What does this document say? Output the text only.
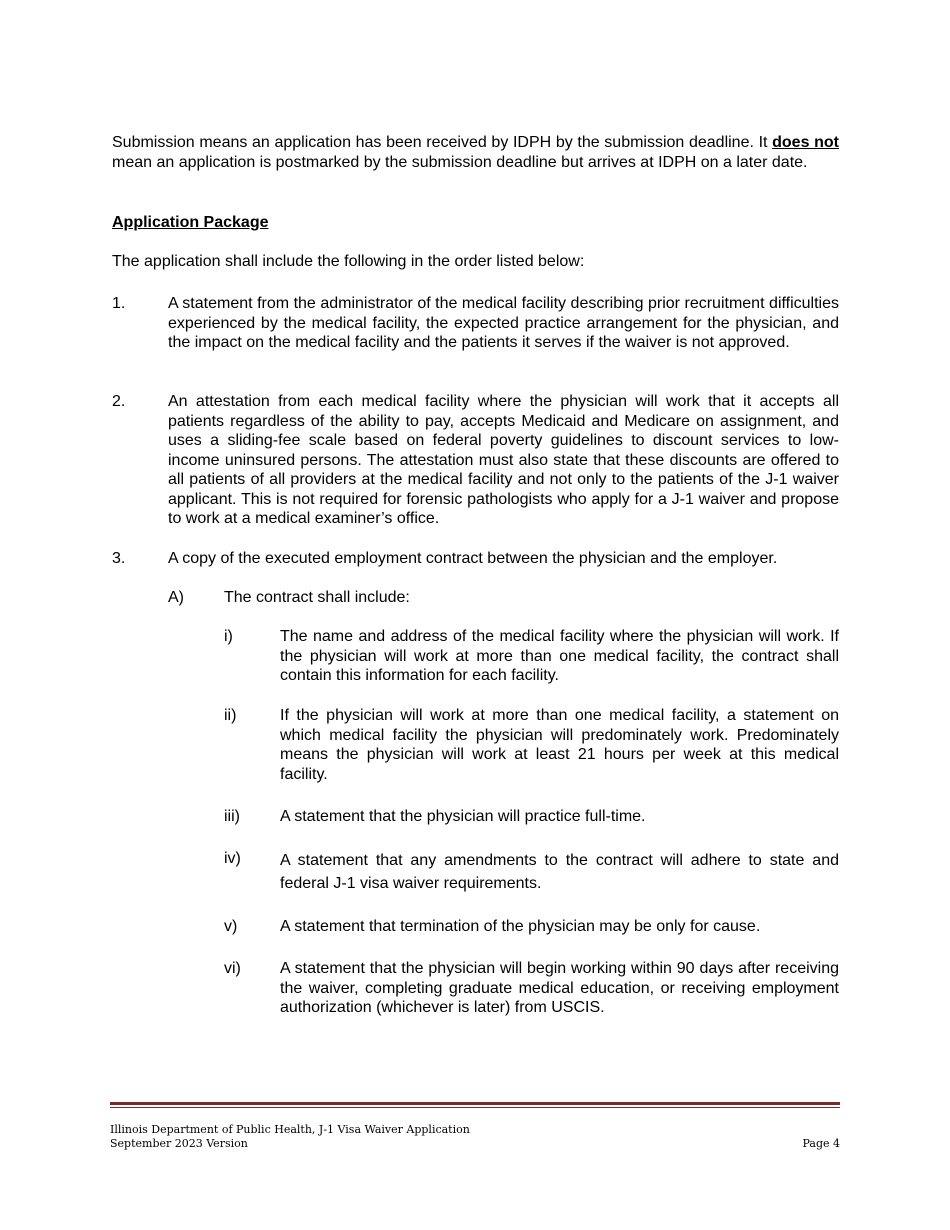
Submission means an application has been received by IDPH by the submission deadline. It does not mean an application is postmarked by the submission deadline but arrives at IDPH on a later date.

Application Package

The application shall include the following in the order listed below:

1.	A statement from the administrator of the medical facility describing prior recruitment difficulties experienced by the medical facility, the expected practice arrangement for the physician, and the impact on the medical facility and the patients it serves if the waiver is not approved.
2.	An attestation from each medical facility where the physician will work that it accepts all patients regardless of the ability to pay, accepts Medicaid and Medicare on assignment, and uses a sliding-fee scale based on federal poverty guidelines to discount services to low-income uninsured persons. The attestation must also state that these discounts are offered to all patients of all providers at the medical facility and not only to the patients of the J-1 waiver applicant. This is not required for forensic pathologists who apply for a J-1 waiver and propose to work at a medical examiner’s office.
3.	A copy of the executed employment contract between the physician and the employer.
A)	The contract shall include:
i)	The name and address of the medical facility where the physician will work. If the physician will work at more than one medical facility, the contract shall contain this information for each facility.
ii)	If the physician will work at more than one medical facility, a statement on which medical facility the physician will predominately work. Predominately means the physician will work at least 21 hours per week at this medical facility.
iii)	A statement that the physician will practice full-time.
iv) A statement that any amendments to the contract will adhere to state and federal J-1 visa waiver requirements.
v)	A statement that termination of the physician may be only for cause.
vi) A statement that the physician will begin working within 90 days after receiving the waiver, completing graduate medical education, or receiving employment authorization (whichever is later) from USCIS.
Illinois Department of Public Health, J-1 Visa Waiver Application
September 2023 Version	Page 4
